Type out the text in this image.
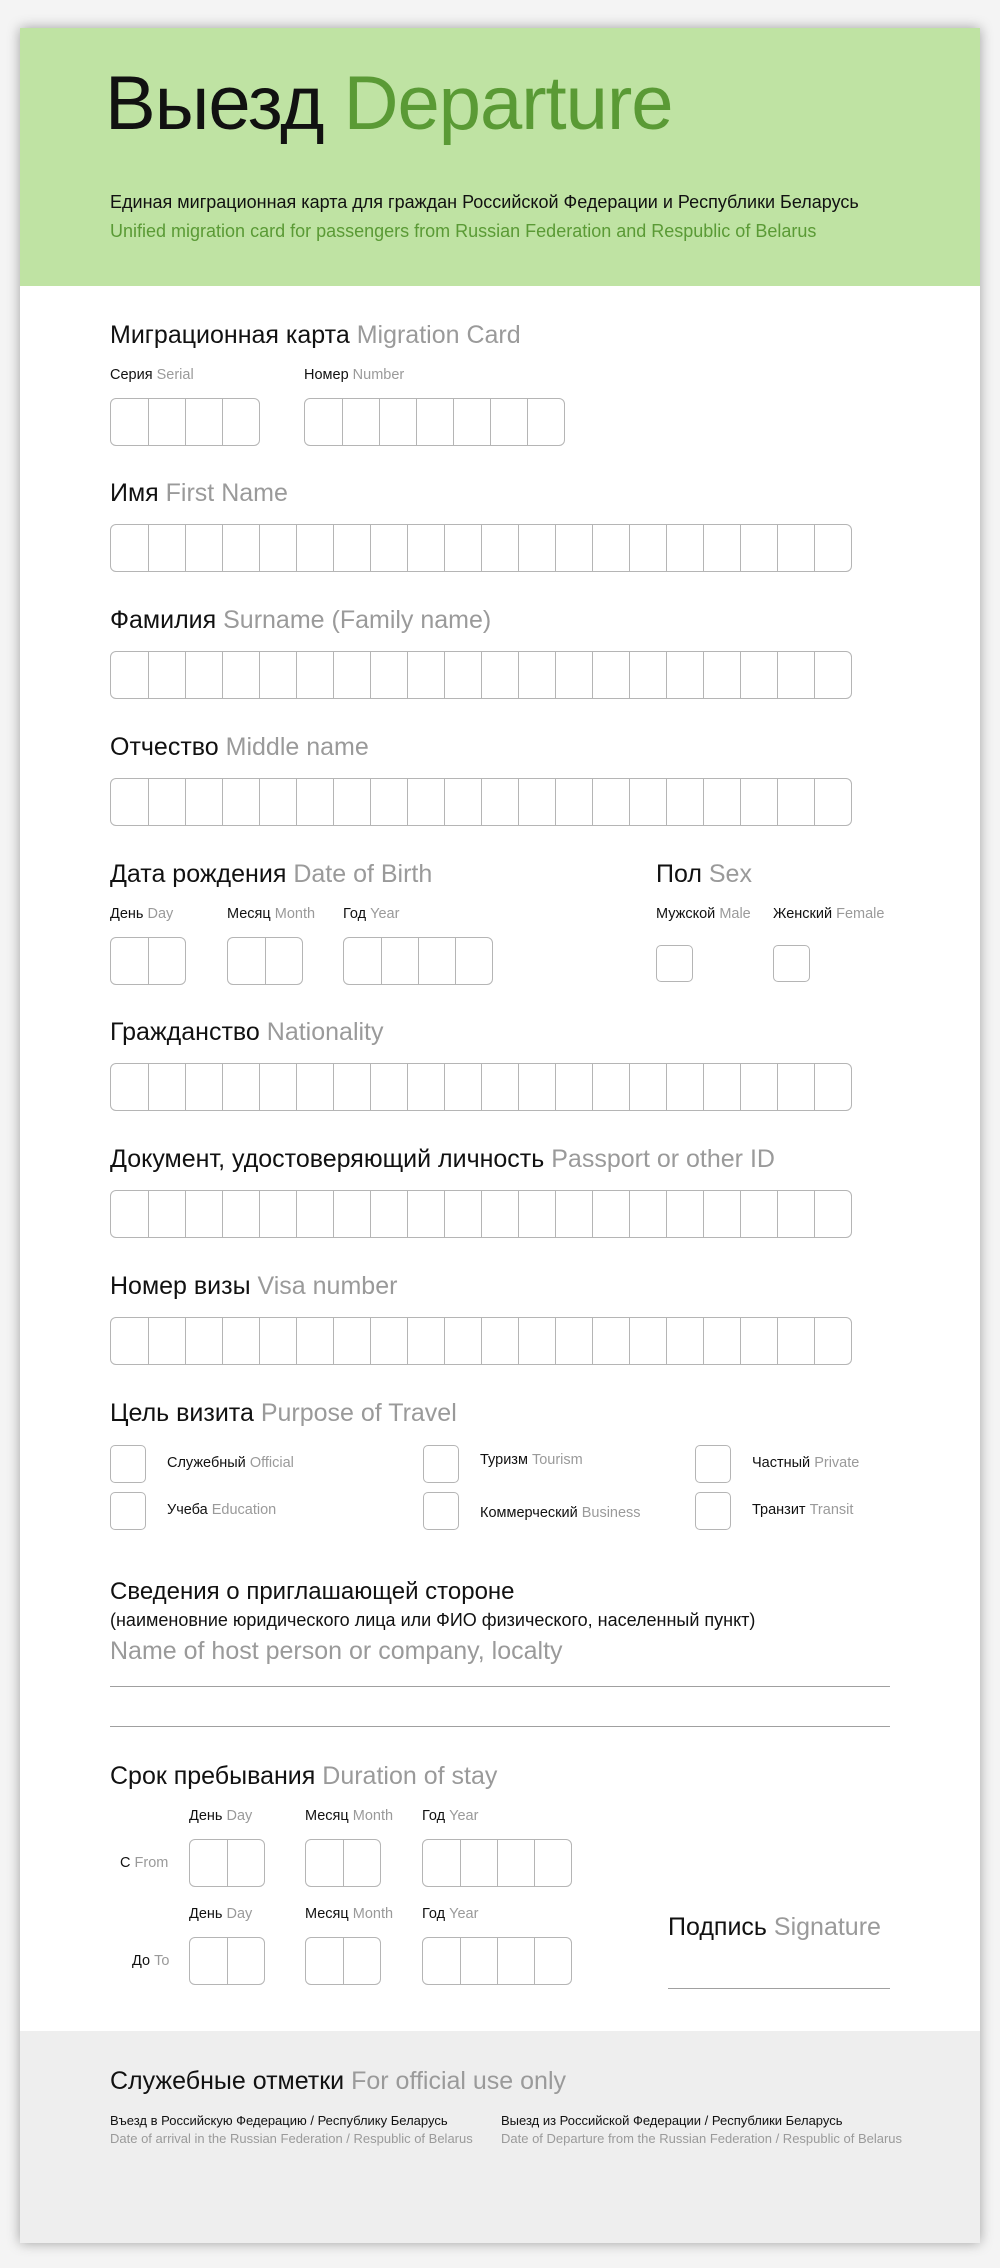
Выезд Departure
Единая миграционная карта для граждан Российской Федерации и Республики Беларусь
Unified migration card for passengers from Russian Federation and Respublic of Belarus
Миграционная карта Migration Card
Серия Serial	Номер Number
Имя First Name
Фамилия Surname (Family name)
Отчество Middle name
Дата рождения Date of Birth
День Day	Месяц Month Год Year
Пол Sex
Мужской Male Женский Female
Гражданство Nationality
Документ, удостоверяющий личность Passport or other ID
Номер визы Visa number
Цель визита Purpose of Travel
Служебный Official	Туризм Tourism	Частный Private
Учеба Education	Коммерческий Business	Транзит Transit
Сведения о приглашающей стороне
(наименовние юридического лица или ФИО физического, населенный пункт)
Name of host person or company, localty
Срок пребывания Duration of stay
День Day	Месяц Month Год Year
С From
День Day	Месяц Month Год Year
До To
Подпись Signature
Служебные отметки For official use only
Въезд в Российскую Федерацию / Республику Беларусь
Date of arrival in the Russian Federation / Respublic of Belarus
Выезд из Российской Федерации / Республики Беларусь
Date of Departure from the Russian Federation / Respublic of Belarus
